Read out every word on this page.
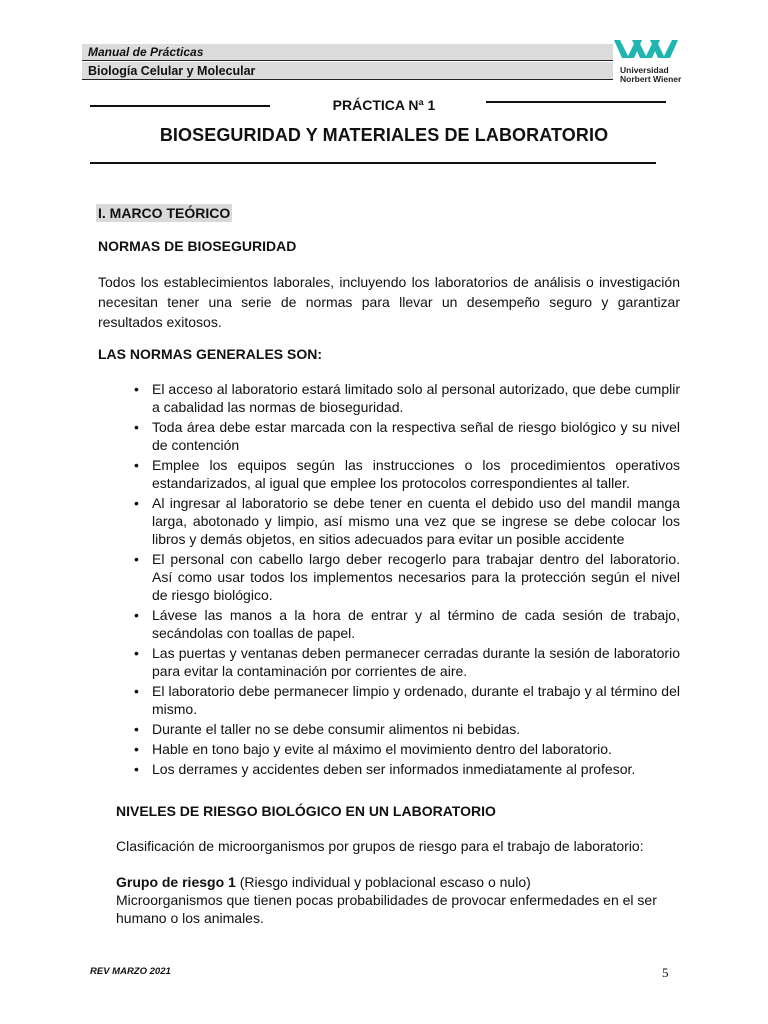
Manual de Prácticas
Biología Celular y Molecular	Universidad
Norbert Wiener
PRÁCTICA Nª 1
BIOSEGURIDAD Y MATERIALES DE LABORATORIO
I. MARCO TEÓRICO
NORMAS DE BIOSEGURIDAD
Todos los establecimientos laborales, incluyendo los laboratorios de análisis o investigación necesitan tener una serie de normas para llevar un desempeño seguro y garantizar resultados exitosos.
LAS NORMAS GENERALES SON:
• El acceso al laboratorio estará limitado solo al personal autorizado, que debe cumplir a cabalidad las normas de bioseguridad.
• Toda área debe estar marcada con la respectiva señal de riesgo biológico y su nivel de contención
• Emplee los equipos según las instrucciones o los procedimientos operativos estandarizados, al igual que emplee los protocolos correspondientes al taller.
• Al ingresar al laboratorio se debe tener en cuenta el debido uso del mandil manga larga, abotonado y limpio, así mismo una vez que se ingrese se debe colocar los libros y demás objetos, en sitios adecuados para evitar un posible accidente
• El personal con cabello largo deber recogerlo para trabajar dentro del laboratorio. Así como usar todos los implementos necesarios para la protección según el nivel de riesgo biológico.
• Lávese las manos a la hora de entrar y al término de cada sesión de trabajo, secándolas con toallas de papel.
• Las puertas y ventanas deben permanecer cerradas durante la sesión de laboratorio para evitar la contaminación por corrientes de aire.
• El laboratorio debe permanecer limpio y ordenado, durante el trabajo y al término del mismo.
• Durante el taller no se debe consumir alimentos ni bebidas.
• Hable en tono bajo y evite al máximo el movimiento dentro del laboratorio.
• Los derrames y accidentes deben ser informados inmediatamente al profesor.
NIVELES DE RIESGO BIOLÓGICO EN UN LABORATORIO
Clasificación de microorganismos por grupos de riesgo para el trabajo de laboratorio:
Grupo de riesgo 1 (Riesgo individual y poblacional escaso o nulo)
Microorganismos que tienen pocas probabilidades de provocar enfermedades en el ser humano o los animales.
REV MARZO 2021	5
